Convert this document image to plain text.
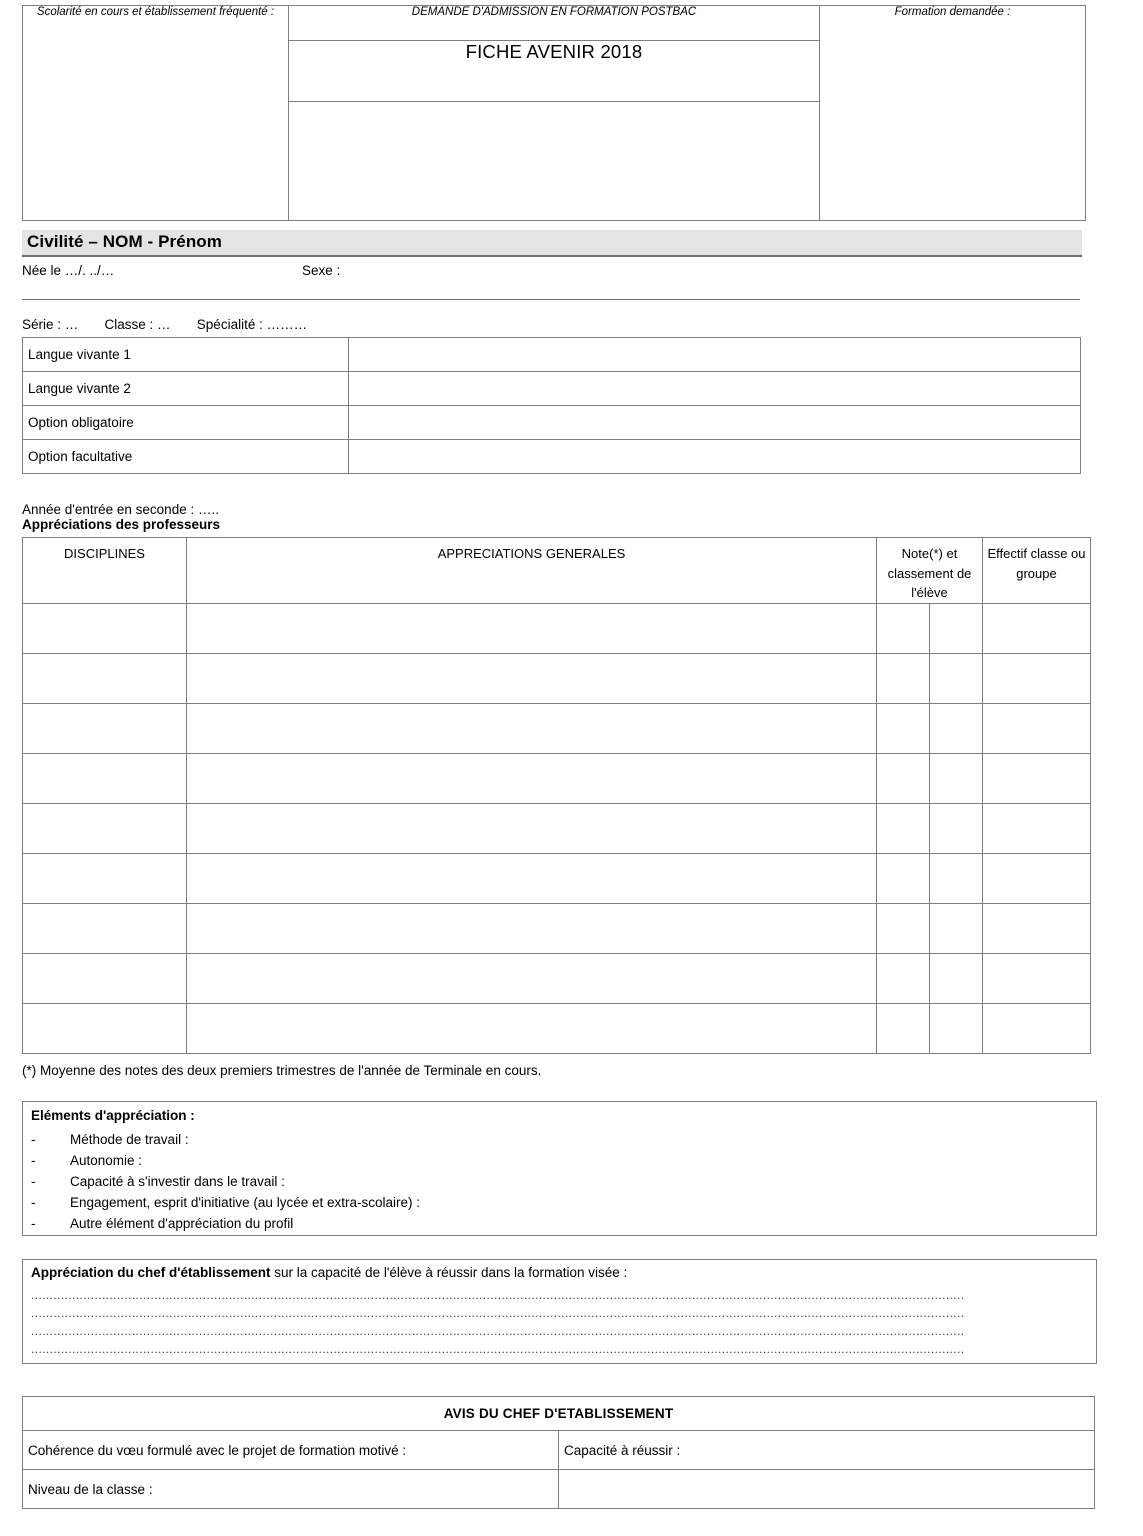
Scolarité en cours et établissement fréquenté :	DEMANDE D'ADMISSION EN FORMATION POSTBAC	Formation demandée :
FICHE AVENIR 2018

Civilité – NOM - Prénom
Née le …/. ../…	Sexe :
Série : …       Classe : …       Spécialité : ………
Langue vivante 1	
Langue vivante 2	
Option obligatoire	
Option facultative	
Année d'entrée en seconde : …..
Appréciations des professeurs
DISCIPLINES	APPRECIATIONS GENERALES	Note(*) et classement de l'élève		Effectif classe ou groupe

(*) Moyenne des notes des deux premiers trimestres de l'année de Terminale en cours.
Eléments d'appréciation :
-	Méthode de travail :
-	Autonomie :
-	Capacité à s'investir dans le travail :
-	Engagement, esprit d'initiative (au lycée et extra-scolaire) :
-	Autre élément d'appréciation du profil
Appréciation du chef d'établissement sur la capacité de l'élève à réussir dans la formation visée :
..........................................................................................................................................................................................................................................................
..........................................................................................................................................................................................................................................................
..........................................................................................................................................................................................................................................................
..........................................................................................................................................................................................................................................................
AVIS DU CHEF D'ETABLISSEMENT	
Cohérence du vœu formulé avec le projet de formation motivé :	Capacité à réussir :
Niveau de la classe :	
